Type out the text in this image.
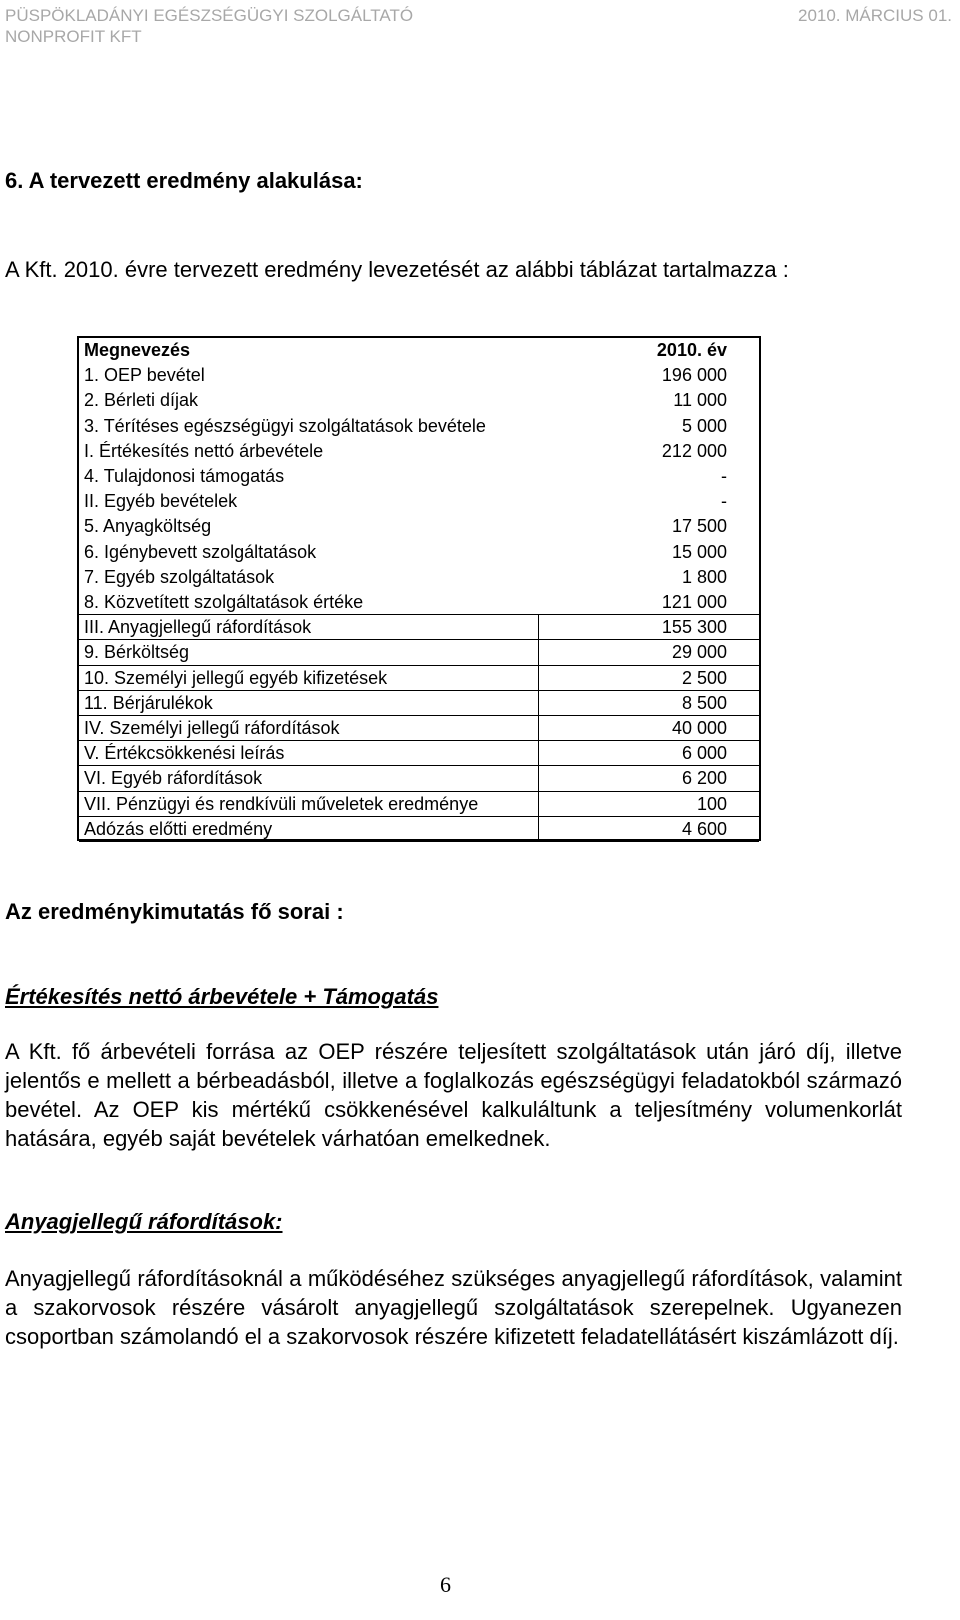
PÜSPÖKLADÁNYI EGÉSZSÉGÜGYI SZOLGÁLTATÓ
NONPROFIT KFT
2010. MÁRCIUS 01.
6. A tervezett eredmény alakulása:
A Kft. 2010. évre tervezett eredmény levezetését az alábbi táblázat tartalmazza :
Megnevezés	2010. év
1. OEP bevétel	196 000
2. Bérleti díjak	11 000
3. Térítéses egészségügyi szolgáltatások bevétele	5 000
I. Értékesítés nettó árbevétele	212 000
4. Tulajdonosi támogatás	-
II. Egyéb bevételek	-
5. Anyagköltség	17 500
6. Igénybevett szolgáltatások	15 000
7. Egyéb szolgáltatások	1 800
8. Közvetített szolgáltatások értéke	121 000
III. Anyagjellegű ráfordítások	155 300
9. Bérköltség	29 000
10. Személyi jellegű egyéb kifizetések	2 500
11. Bérjárulékok	8 500
IV. Személyi jellegű ráfordítások	40 000
V. Értékcsökkenési leírás	6 000
VI. Egyéb ráfordítások	6 200
VII. Pénzügyi és rendkívüli műveletek eredménye	100
Adózás előtti eredmény	4 600
Az eredménykimutatás fő sorai :
Értékesítés nettó árbevétele + Támogatás
A Kft. fő árbevételi forrása az OEP részére teljesített szolgáltatások után járó díj, illetve jelentős e mellett a bérbeadásból, illetve a foglalkozás egészségügyi feladatokból származó bevétel. Az OEP kis mértékű csökkenésével kalkuláltunk a teljesítmény volumenkorlát hatására, egyéb saját bevételek várhatóan emelkednek.
Anyagjellegű ráfordítások:
Anyagjellegű ráfordításoknál a működéséhez szükséges anyagjellegű ráfordítások, valamint a szakorvosok részére vásárolt anyagjellegű szolgáltatások szerepelnek. Ugyanezen csoportban számolandó el a szakorvosok részére kifizetett feladatellátásért kiszámlázott díj.
6
